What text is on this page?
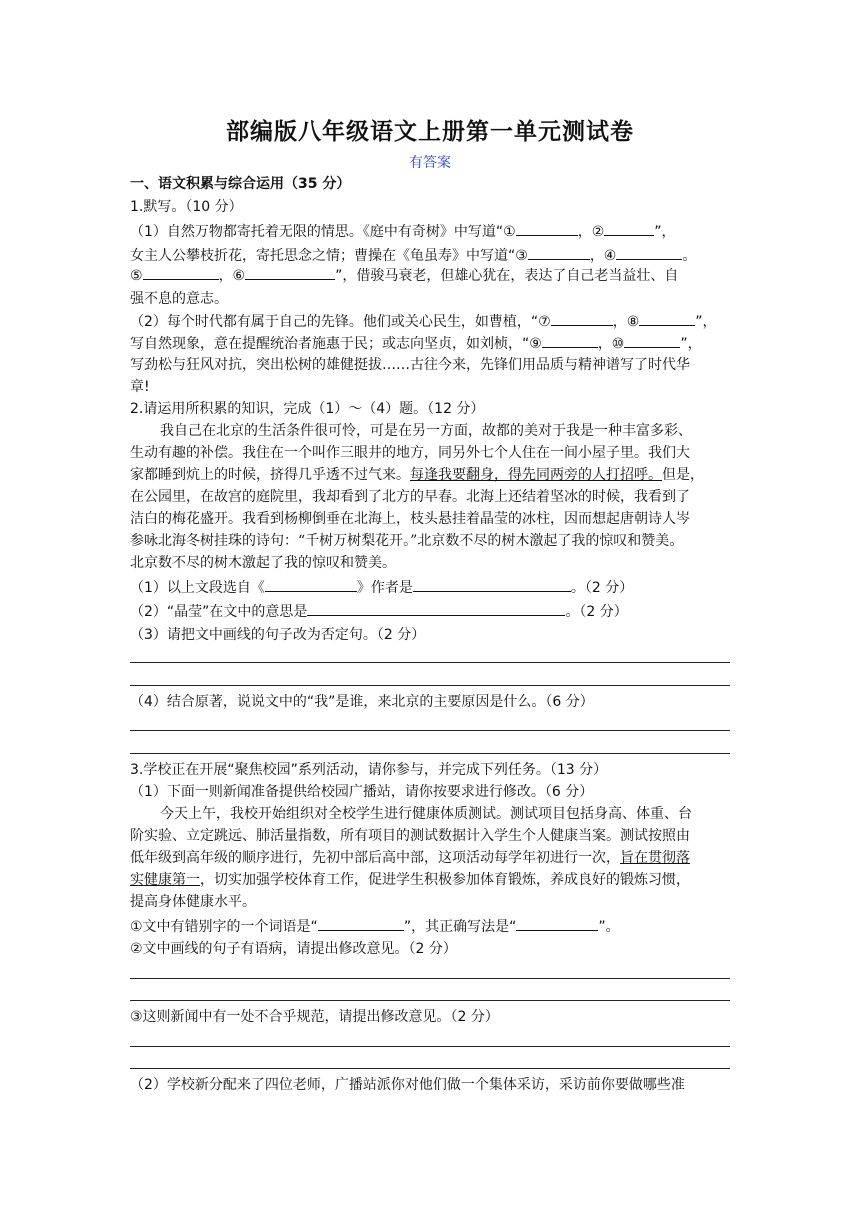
部编版八年级语文上册第一单元测试卷
有答案
一、语文积累与综合运用（35 分）
1.默写。（10 分）
（1）自然万物都寄托着无限的情思。《庭中有奇树》中写道“①	，②	”，
女主人公攀枝折花，寄托思念之情；曹操在《龟虽寿》中写道“③	，④	。
⑤	，⑥	”，借骏马衰老，但雄心犹在，表达了自己老当益壮、自
强不息的意志。
（2）每个时代都有属于自己的先锋。他们或关心民生，如曹植，“⑦	，⑧	”，
写自然现象，意在提醒统治者施惠于民；或志向坚贞，如刘桢，“⑨	，⑩	”，
写劲松与狂风对抗，突出松树的雄健挺拔……古往今来，先锋们用品质与精神谱写了时代华
章!
2.请运用所积累的知识，完成（1）～（4）题。（12 分）
我自己在北京的生活条件很可怜，可是在另一方面，故都的美对于我是一种丰富多彩、
生动有趣的补偿。我住在一个叫作三眼井的地方，同另外七个人住在一间小屋子里。我们大
家都睡到炕上的时候，挤得几乎透不过气来。每逢我要翻身，得先同两旁的人打招呼。但是，
在公园里，在故宫的庭院里，我却看到了北方的早春。北海上还结着坚冰的时候，我看到了
洁白的梅花盛开。我看到杨柳倒垂在北海上，枝头悬挂着晶莹的冰柱，因而想起唐朝诗人岑
参咏北海冬树挂珠的诗句：“千树万树梨花开。”北京数不尽的树木激起了我的惊叹和赞美。
北京数不尽的树木激起了我的惊叹和赞美。
（1）以上文段选自《	》作者是	。（2 分）
（2）“晶莹”在文中的意思是	。（2 分）
（3）请把文中画线的句子改为否定句。（2 分）
（4）结合原著，说说文中的“我”是谁，来北京的主要原因是什么。（6 分）
3.学校正在开展“聚焦校园”系列活动，请你参与，并完成下列任务。（13 分）
（1）下面一则新闻准备提供给校园广播站，请你按要求进行修改。（6 分）
今天上午，我校开始组织对全校学生进行健康体质测试。测试项目包括身高、体重、台
阶实验、立定跳远、肺活量指数，所有项目的测试数据计入学生个人健康当案。测试按照由
低年级到高年级的顺序进行，先初中部后高中部，这项活动每学年初进行一次，旨在贯彻落
实健康第一，切实加强学校体育工作，促进学生积极参加体育锻炼，养成良好的锻炼习惯，
提高身体健康水平。
①文中有错别字的一个词语是“	”，其正确写法是“	”。
②文中画线的句子有语病，请提出修改意见。（2 分）
③这则新闻中有一处不合乎规范，请提出修改意见。（2 分）
（2）学校新分配来了四位老师，广播站派你对他们做一个集体采访，采访前你要做哪些准
